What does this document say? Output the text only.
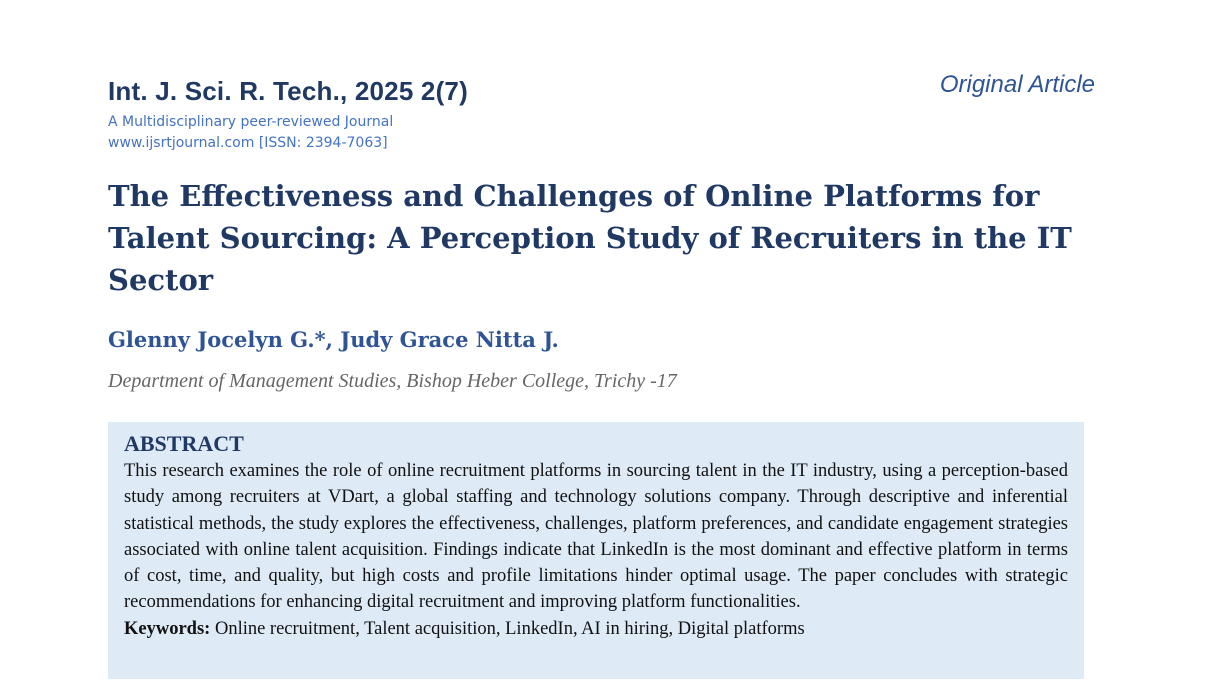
Int. J. Sci. R. Tech., 2025 2(7)	Original Article
A Multidisciplinary peer-reviewed Journal
www.ijsrtjournal.com [ISSN: 2394-7063]
The Effectiveness and Challenges of Online Platforms for Talent Sourcing: A Perception Study of Recruiters in the IT Sector
Glenny Jocelyn G.*, Judy Grace Nitta J.
Department of Management Studies, Bishop Heber College, Trichy -17

ABSTRACT

This research examines the role of online recruitment platforms in sourcing talent in the IT industry, using a perception-based study among recruiters at VDart, a global staffing and technology solutions company. Through descriptive and inferential statistical methods, the study explores the effectiveness, challenges, platform preferences, and candidate engagement strategies associated with online talent acquisition. Findings indicate that LinkedIn is the most dominant and effective platform in terms of cost, time, and quality, but high costs and profile limitations hinder optimal usage. The paper concludes with strategic recommendations for enhancing digital recruitment and improving platform functionalities.

Keywords: Online recruitment, Talent acquisition, LinkedIn, AI in hiring, Digital platforms
